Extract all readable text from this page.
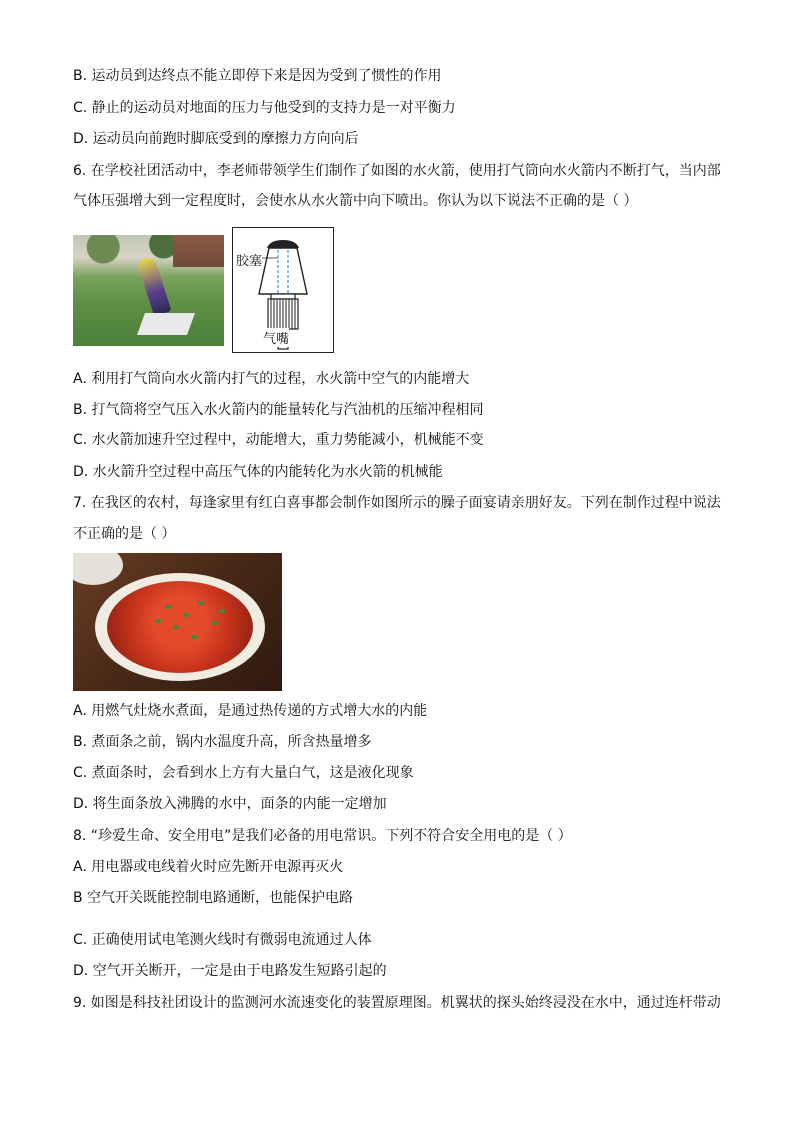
B. 运动员到达终点不能立即停下来是因为受到了惯性的作用
C. 静止的运动员对地面的压力与他受到的支持力是一对平衡力
D. 运动员向前跑时脚底受到的摩擦力方向向后
6. 在学校社团活动中，李老师带领学生们制作了如图的水火箭，使用打气筒向水火箭内不断打气，当内部
气体压强增大到一定程度时，会使水从水火箭中向下喷出。你认为以下说法不正确的是（ ）
胶塞
气嘴
A. 利用打气筒向水火箭内打气的过程，水火箭中空气的内能增大
B. 打气筒将空气压入水火箭内的能量转化与汽油机的压缩冲程相同
C. 水火箭加速升空过程中，动能增大，重力势能减小，机械能不变
D. 水火箭升空过程中高压气体的内能转化为水火箭的机械能
7. 在我区的农村，每逢家里有红白喜事都会制作如图所示的臊子面宴请亲朋好友。下列在制作过程中说法
不正确的是（ ）
A. 用燃气灶烧水煮面，是通过热传递的方式增大水的内能
B. 煮面条之前，锅内水温度升高，所含热量增多
C. 煮面条时，会看到水上方有大量白气，这是液化现象
D. 将生面条放入沸腾的水中，面条的内能一定增加
8. “珍爱生命、安全用电”是我们必备的用电常识。下列不符合安全用电的是（ ）
A. 用电器或电线着火时应先断开电源再灭火
B 空气开关既能控制电路通断，也能保护电路
C. 正确使用试电笔测火线时有微弱电流通过人体
D. 空气开关断开，一定是由于电路发生短路引起的
9. 如图是科技社团设计的监测河水流速变化的装置原理图。机翼状的探头始终浸没在水中，通过连杆带动
